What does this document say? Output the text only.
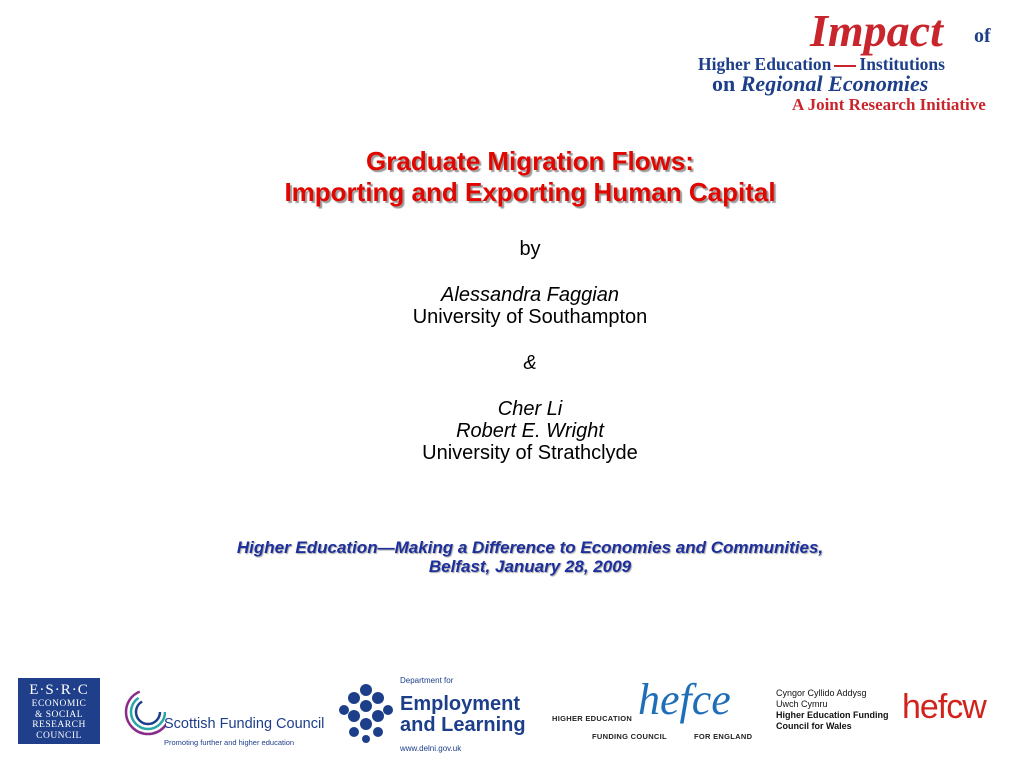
Impact of
Higher Education Institutions
on Regional Economies
A Joint Research Initiative
Graduate Migration Flows:
Importing and Exporting Human Capital
by
Alessandra Faggian
University of Southampton
&
Cher Li
Robert E. Wright
University of Strathclyde
Higher Education—Making a Difference to Economies and Communities,
Belfast, January 28, 2009
E·S·R·C
ECONOMIC
& SOCIAL
RESEARCH
COUNCIL
Scottish Funding Council
Promoting further and higher education
Department for
Employment
and Learning
www.delni.gov.uk
HIGHER EDUCATION hefce
FUNDING COUNCIL	FOR ENGLAND
Cyngor Cyllido Addysg
Uwch Cymru
Higher Education Funding
Council for Wales	hefcw
